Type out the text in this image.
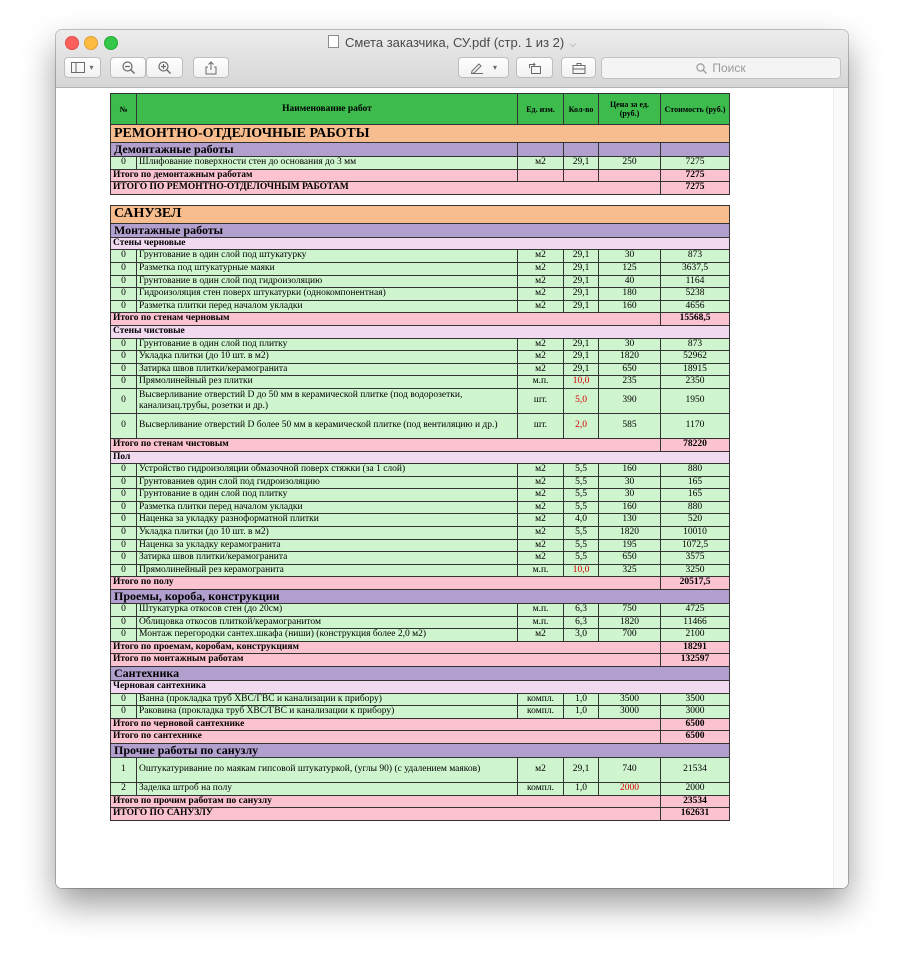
Смета заказчика, СУ.pdf (стр. 1 из 2) ⌵
▾	▾	Поиск
№	Наименование работ	Ед. изм.	Кол-во	Цена за ед. (руб.)	Стоимость (руб.)
РЕМОНТНО-ОТДЕЛОЧНЫЕ РАБОТЫ					
Демонтажные работы					
0	Шлифование поверхности стен до основания до 3 мм	м2	29,1	250	7275
Итого по демонтажным работам					7275
ИТОГО ПО РЕМОНТНО-ОТДЕЛОЧНЫМ РАБОТАМ					7275

САНУЗЕЛ					
Монтажные работы					
Стены черновые					
0	Грунтование в один слой под штукатурку	м2	29,1	30	873
0	Разметка под штукатурные маяки	м2	29,1	125	3637,5
0	Грунтование в один слой под гидроизоляцию	м2	29,1	40	1164
0	Гидроизоляция стен поверх штукатурки (однокомпонентная)	м2	29,1	180	5238
0	Разметка плитки перед началом укладки	м2	29,1	160	4656
Итого по стенам черновым					15568,5
Стены чистовые					
0	Грунтование в один слой под плитку	м2	29,1	30	873
0	Укладка плитки (до 10 шт. в м2)	м2	29,1	1820	52962
0	Затирка швов плитки/керамогранита	м2	29,1	650	18915
0	Прямолинейный рез плитки	м.п.	10,0	235	2350
0	Высверливание отверстий D до 50 мм в керамической плитке (под водорозетки, канализац.трубы, розетки и др.)	шт.	5,0	390	1950
0	Высверливание отверстий D более 50 мм в керамической плитке (под вентиляцию и др.)	шт.	2,0	585	1170
Итого по стенам чистовым					78220
Пол					
0	Устройство гидроизоляции обмазочной поверх стяжки (за 1 слой)	м2	5,5	160	880
0	Грунтованиев один слой под гидроизоляцию	м2	5,5	30	165
0	Грунтование в один слой под плитку	м2	5,5	30	165
0	Разметка плитки перед началом укладки	м2	5,5	160	880
0	Наценка за укладку разноформатной плитки	м2	4,0	130	520
0	Укладка плитки (до 10 шт. в м2)	м2	5,5	1820	10010
0	Наценка за укладку керамогранита	м2	5,5	195	1072,5
0	Затирка швов плитки/керамогранита	м2	5,5	650	3575
0	Прямолинейный рез керамогранита	м.п.	10,0	325	3250
Итого по полу					20517,5
Проемы, короба, конструкции					
0	Штукатурка откосов стен (до 20см)	м.п.	6,3	750	4725
0	Облицовка откосов плиткой/керамогранитом	м.п.	6,3	1820	11466
0	Монтаж перегородки сантех.шкафа (ниши) (конструкция более 2,0 м2)	м2	3,0	700	2100
Итого по проемам, коробам, конструкциям					18291
Итого по монтажным работам					132597
Сантехника					
Черновая сантехника					
0	Ванна (прокладка труб ХВС/ГВС и канализации к прибору)	компл.	1,0	3500	3500
0	Раковина (прокладка труб ХВС/ГВС и канализации к прибору)	компл.	1,0	3000	3000
Итого по черновой сантехнике					6500
Итого по сантехнике					6500
Прочие работы по санузлу					
1	Оштукатуривание по маякам гипсовой штукатуркой, (углы 90) (с удалением маяков)	м2	29,1	740	21534
2	Заделка штроб на полу	компл.	1,0	2000	2000
Итого по прочим работам по санузлу					23534
ИТОГО ПО САНУЗЛУ					162631
